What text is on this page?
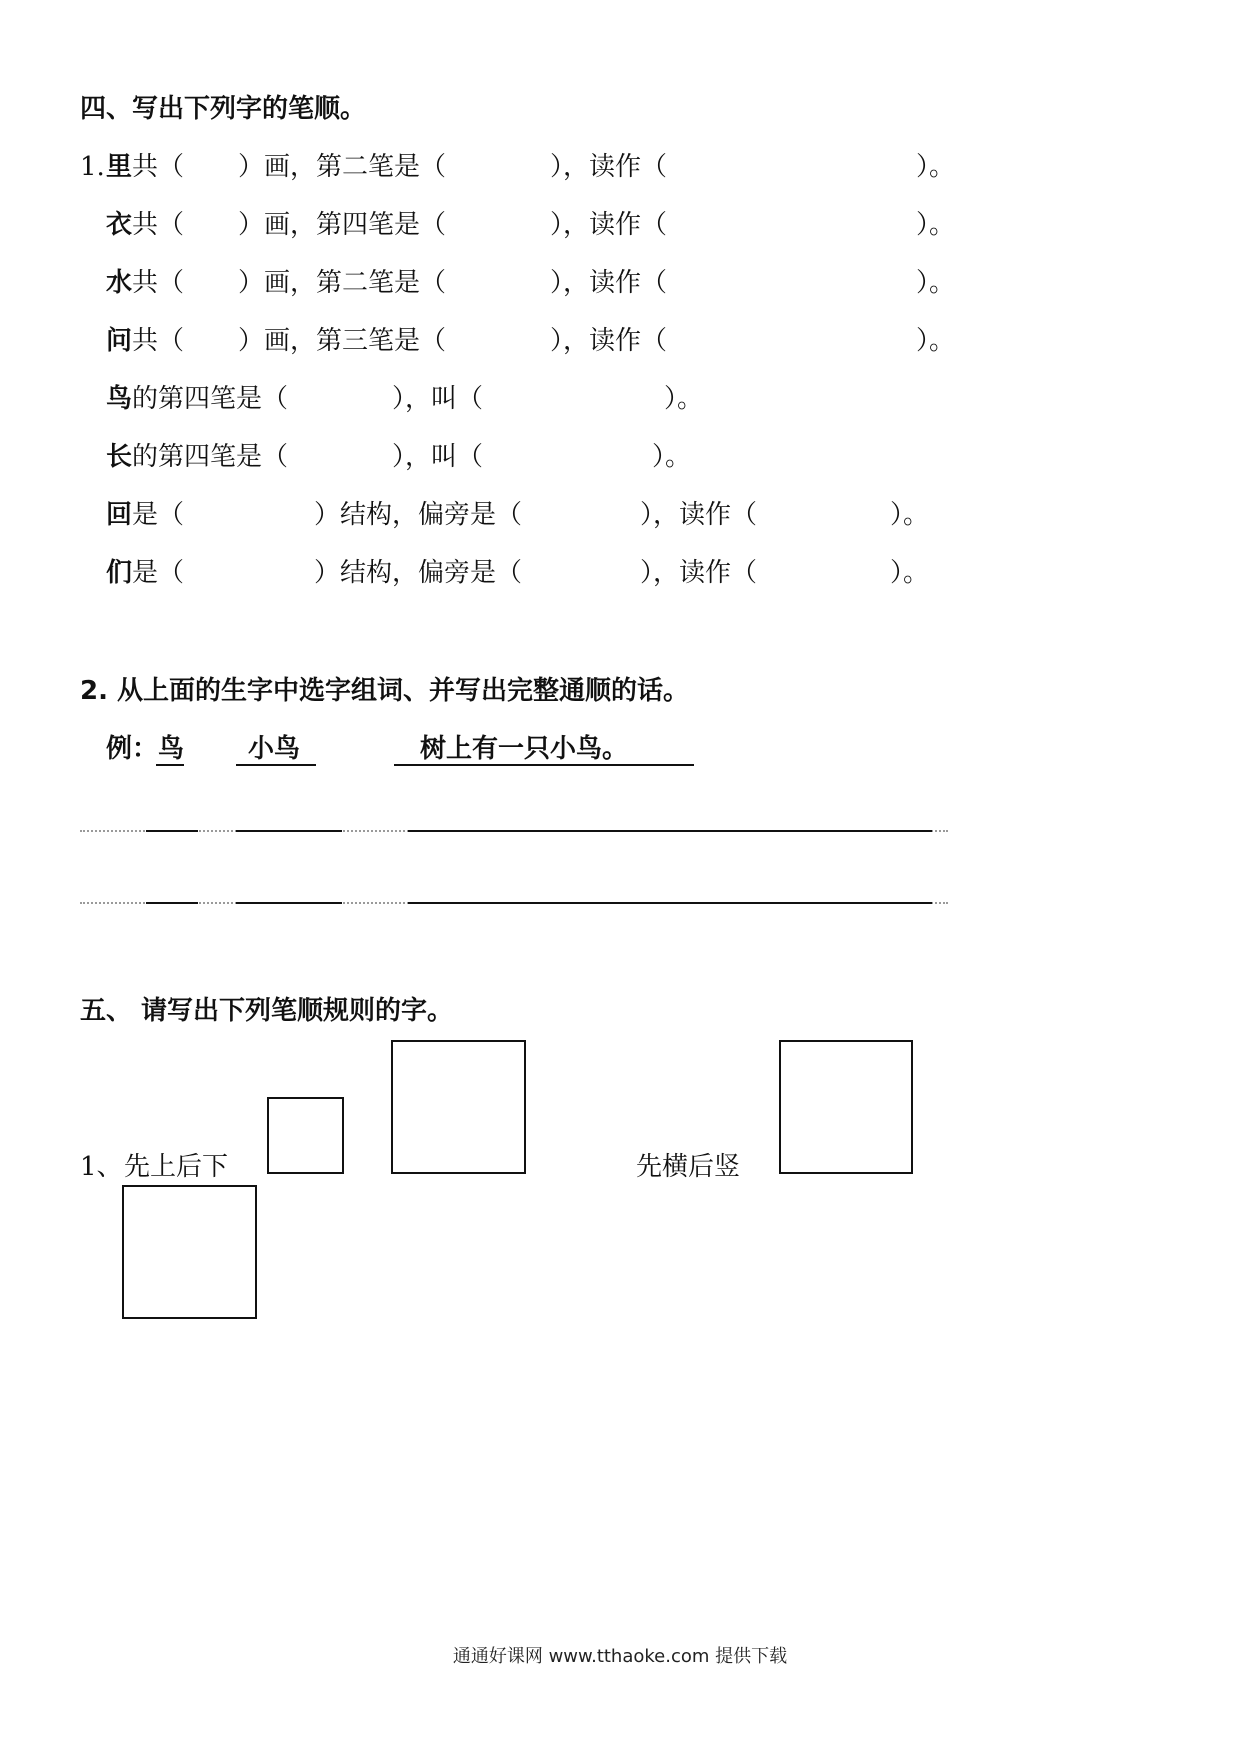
四、写出下列字的笔顺。
1. 里 共（ ）画，第二笔是（	），读作（	）。
衣 共（ ）画，第四笔是（	），读作（	）。
水 共（ ）画，第二笔是（	），读作（	）。
问 共（ ）画，第三笔是（	），读作（	）。
鸟 的第四笔是（	），叫（	）。
长 的第四笔是（	），叫（	）。
回 是（	）结构，偏旁是（	），读作（	）。
们 是（	）结构，偏旁是（	），读作（	）。
2. 从上面的生字中选字组词、并写出完整通顺的话。
例： 鸟 小鸟	树上有一只小鸟。
五、 请写出下列笔顺规则的字。
1、 先上后下	先横后竖
通通好课网 www.tthaoke.com 提供下载
